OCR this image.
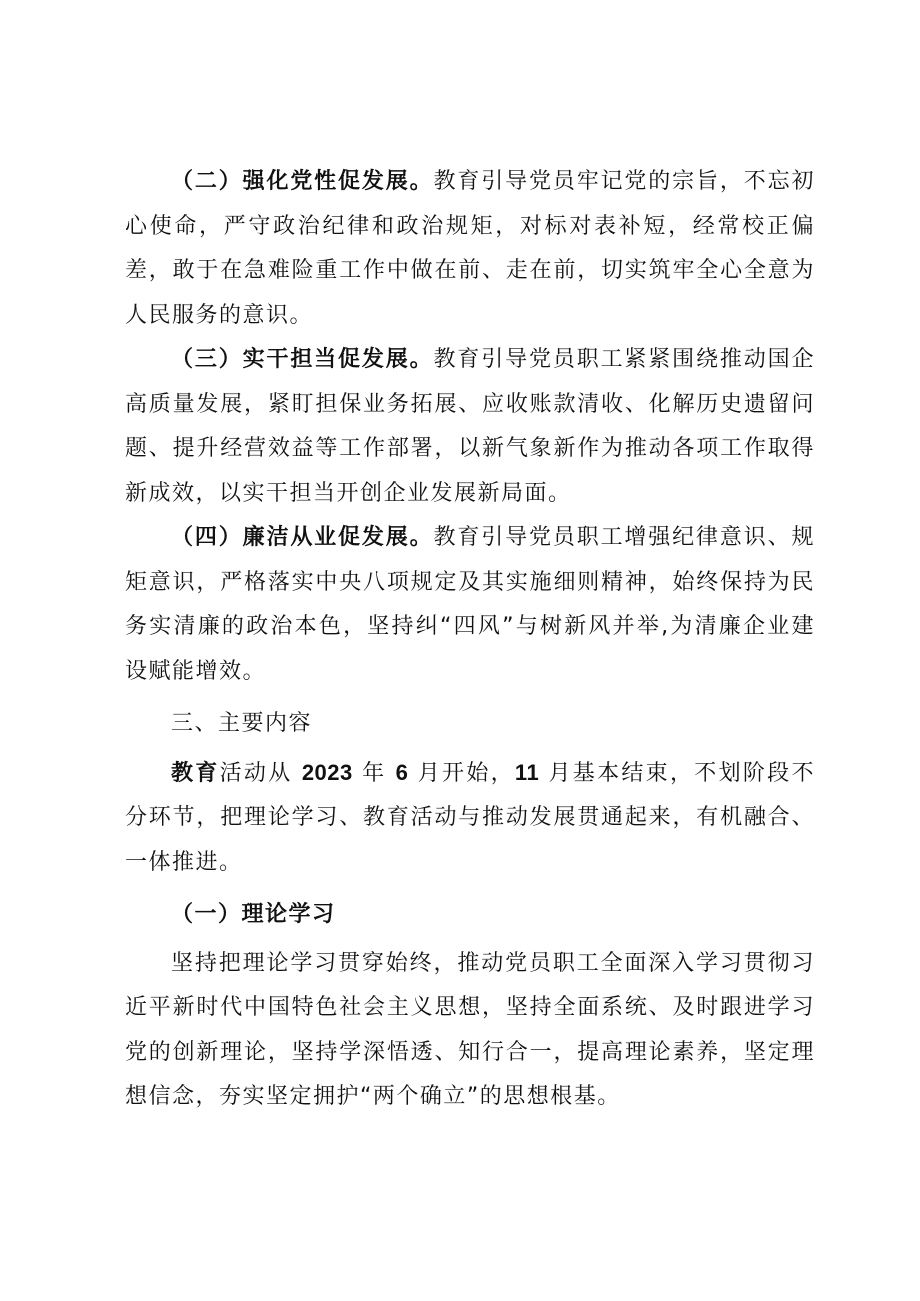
（二）强化党性促发展。教育引导党员牢记党的宗旨，不忘初心使命，严守政治纪律和政治规矩，对标对表补短，经常校正偏差，敢于在急难险重工作中做在前、走在前，切实筑牢全心全意为人民服务的意识。

（三）实干担当促发展。教育引导党员职工紧紧围绕推动国企高质量发展，紧盯担保业务拓展、应收账款清收、化解历史遗留问题、提升经营效益等工作部署，以新气象新作为推动各项工作取得新成效，以实干担当开创企业发展新局面。

（四）廉洁从业促发展。教育引导党员职工增强纪律意识、规矩意识，严格落实中央八项规定及其实施细则精神，始终保持为民务实清廉的政治本色，坚持纠“四风”与树新风并举,为清廉企业建设赋能增效。

三、主要内容

教育活动从 2023 年 6 月开始，11 月基本结束，不划阶段不分环节，把理论学习、教育活动与推动发展贯通起来，有机融合、一体推进。

（一）理论学习

坚持把理论学习贯穿始终，推动党员职工全面深入学习贯彻习近平新时代中国特色社会主义思想，坚持全面系统、及时跟进学习党的创新理论，坚持学深悟透、知行合一，提高理论素养，坚定理想信念，夯实坚定拥护“两个确立”的思想根基。
